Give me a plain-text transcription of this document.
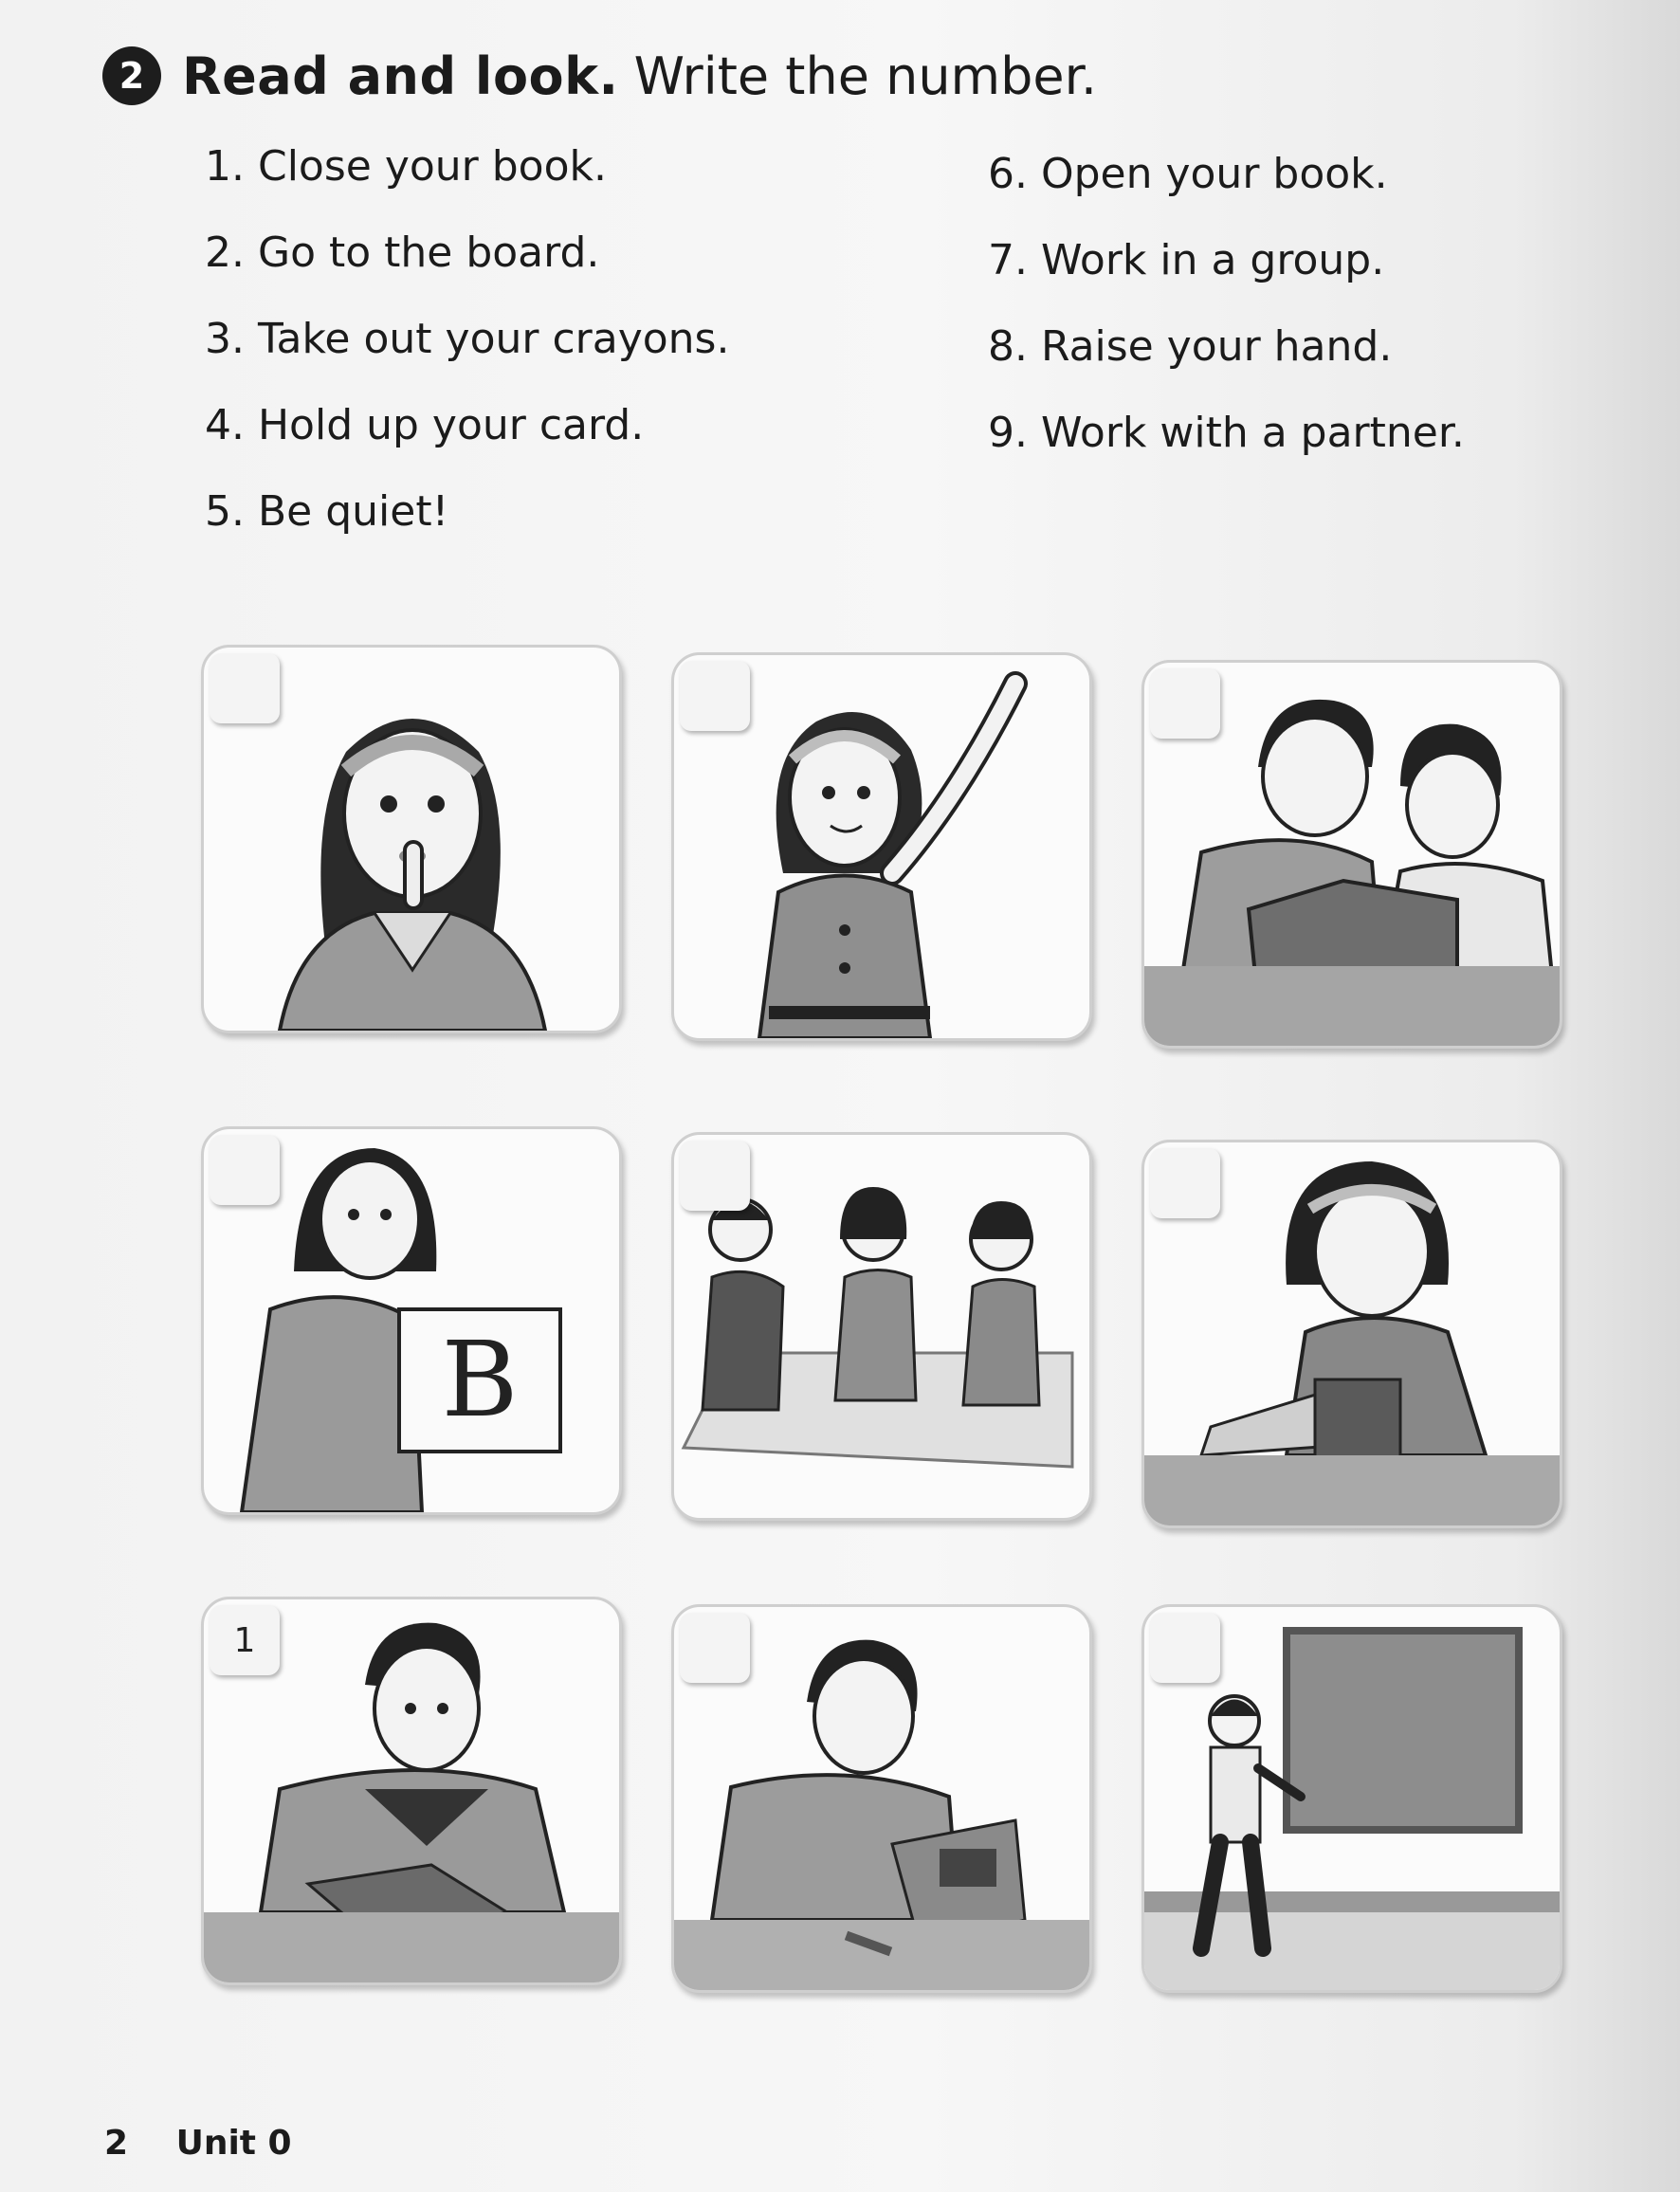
2 Read and look. Write the number.
1. Close your book.
2. Go to the board.
3. Take out your crayons.
4. Hold up your card.
5. Be quiet!
6. Open your book.
7. Work in a group.
8. Raise your hand.
9. Work with a partner.
B
1
2 Unit 0
